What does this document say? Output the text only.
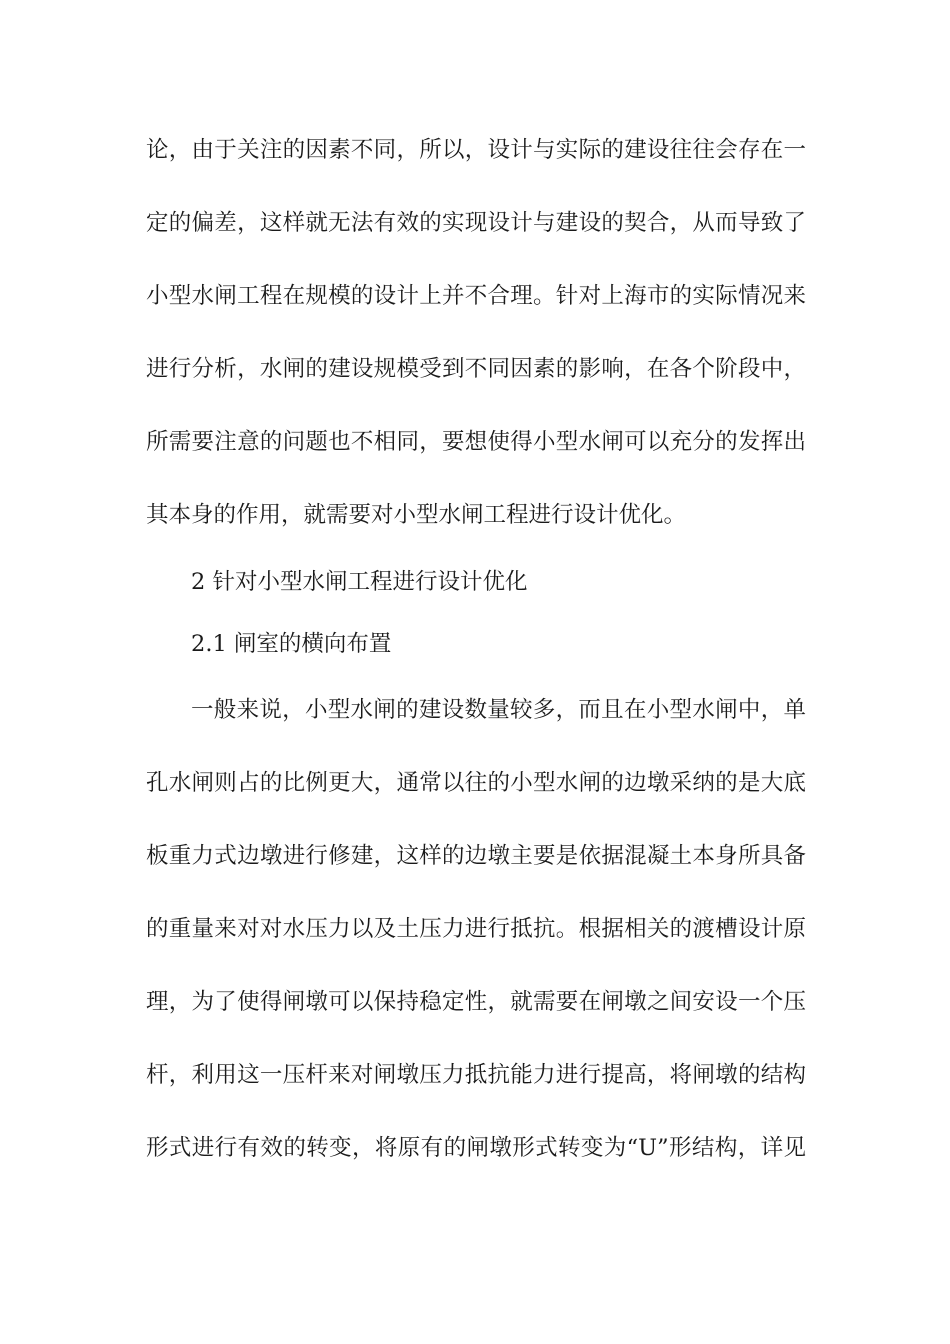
论，由于关注的因素不同，所以，设计与实际的建设往往会存在一
定的偏差，这样就无法有效的实现设计与建设的契合，从而导致了
小型水闸工程在规模的设计上并不合理。针对上海市的实际情况来
进行分析，水闸的建设规模受到不同因素的影响，在各个阶段中，
所需要注意的问题也不相同，要想使得小型水闸可以充分的发挥出
其本身的作用，就需要对小型水闸工程进行设计优化。
2 针对小型水闸工程进行设计优化
2.1 闸室的横向布置
一般来说，小型水闸的建设数量较多，而且在小型水闸中，单
孔水闸则占的比例更大，通常以往的小型水闸的边墩采纳的是大底
板重力式边墩进行修建，这样的边墩主要是依据混凝土本身所具备
的重量来对对水压力以及土压力进行抵抗。根据相关的渡槽设计原
理，为了使得闸墩可以保持稳定性，就需要在闸墩之间安设一个压
杆，利用这一压杆来对闸墩压力抵抗能力进行提高，将闸墩的结构
形式进行有效的转变，将原有的闸墩形式转变为“U”形结构，详见
